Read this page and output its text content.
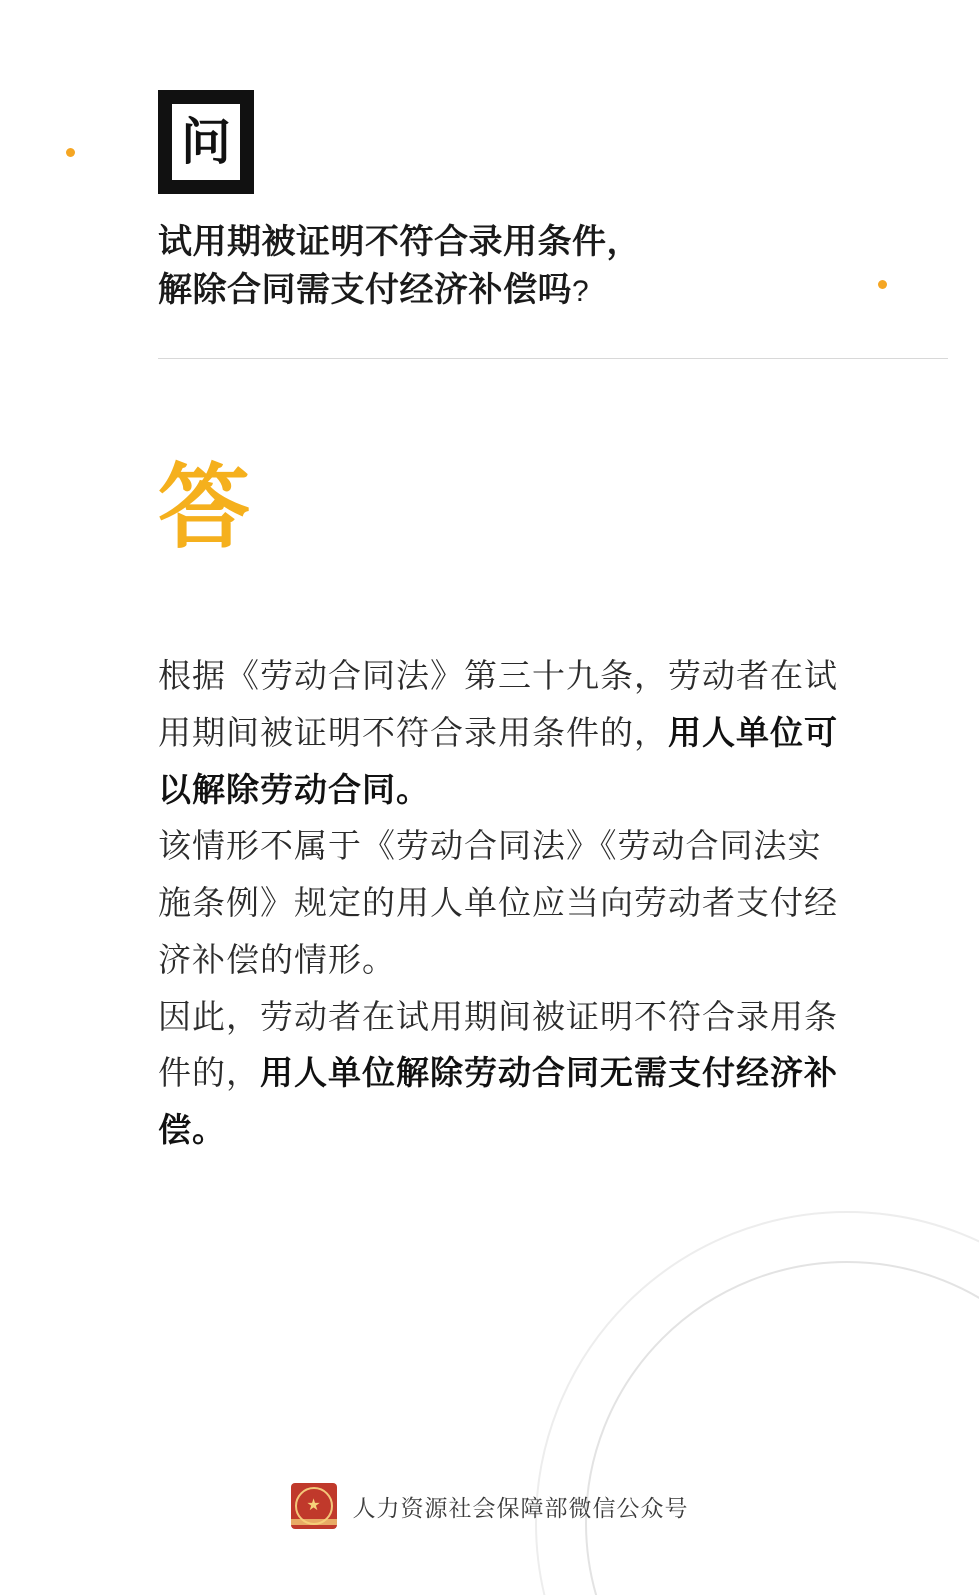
问
试用期被证明不符合录用条件，
解除合同需支付经济补偿吗?
答

根据《劳动合同法》第三十九条，劳动者在试用期间被证明不符合录用条件的，用人单位可以解除劳动合同。

该情形不属于《劳动合同法》《劳动合同法实施条例》规定的用人单位应当向劳动者支付经济补偿的情形。

因此，劳动者在试用期间被证明不符合录用条件的，用人单位解除劳动合同无需支付经济补偿。

★ 人力资源社会保障部微信公众号
